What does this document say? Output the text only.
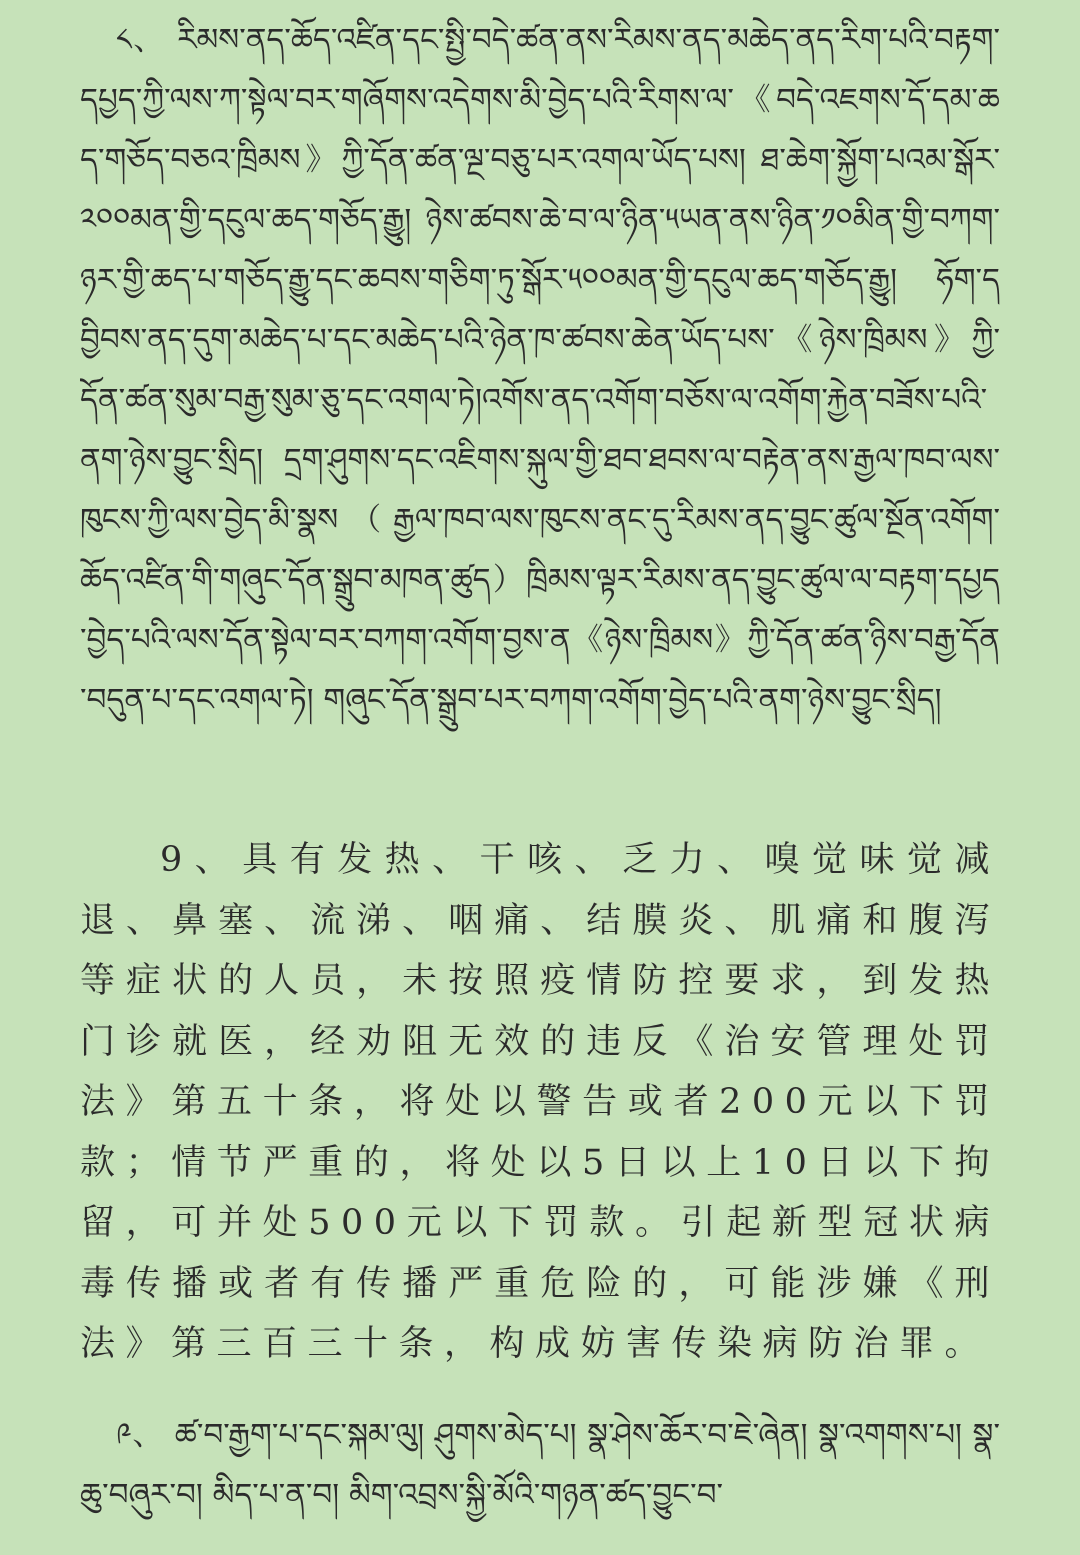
༨、 རིམས་ནད་ཆོད་འཛིན་དང་སྤྱི་བདེ་ཚན་ནས་རིམས་ནད་མཆེད་ནད་རིག་པའི་བརྟག་དཔྱད་ཀྱི་ལས་ཀ་སྟེལ་བར་གཞོགས་འདེགས་མི་བྱེད་པའི་རིགས་ལ་《བདེ་འཇགས་དོ་དམ་ཆད་གཅོད་བཅའ་ཁྲིམས》ཀྱི་དོན་ཚན་ལྔ་བཅུ་པར་འགལ་ཡོད་པས། ཐ་ཆེག་སྐྱོག་པའམ་སྒོར་༢༠༠མན་གྱི་དངུལ་ཆད་གཅོད་རྒྱུ། ཉེས་ཚབས་ཆེ་བ་ལ་ཉིན་༥ཡན་ནས་ཉིན་༡༠མིན་གྱི་བཀག་ཉར་གྱི་ཆད་པ་གཅོད་རྒྱུ་དང་ཆབས་གཅིག་ཏུ་སྒོར་༥༠༠མན་གྱི་དངུལ་ཆད་གཅོད་རྒྱུ། ཧོག་དབྱིབས་ནད་དུག་མཆེད་པ་དང་མཆེད་པའི་ཉེན་ཁ་ཚབས་ཆེན་ཡོད་པས་《ཉེས་ཁྲིམས》ཀྱི་དོན་ཚན་སུམ་བརྒྱ་སུམ་ཅུ་དང་འགལ་ཏེ།འགོས་ནད་འགོག་བཅོས་ལ་འགོག་རྐྱེན་བཟོས་པའི་ནག་ཉེས་བྱུང་སྲིད། དྲག་ཤུགས་དང་འཇིགས་སྐུལ་གྱི་ཐབ་ཐབས་ལ་བརྟེན་ནས་རྒྱལ་ཁབ་ལས་ཁུངས་ཀྱི་ལས་བྱེད་མི་སྣས（རྒྱལ་ཁབ་ལས་ཁུངས་ནང་དུ་རིམས་ནད་བྱུང་ཚུལ་སྔོན་འགོག་ཆོད་འཛིན་གི་གཞུང་དོན་སྒྲུབ་མཁན་ཚུད）ཁྲིམས་ལྟར་རིམས་ནད་བྱུང་ཚུལ་ལ་བརྟག་དཔྱད་བྱེད་པའི་ལས་དོན་སྟེལ་བར་བཀག་འགོག་བྱས་ན《ཉེས་ཁྲིམས》ཀྱི་དོན་ཚན་ཉིས་བརྒྱ་དོན་བདུན་པ་དང་འགལ་ཏེ། གཞུང་དོན་སྒྲུབ་པར་བཀག་འགོག་བྱེད་པའི་ནག་ཉེས་བྱུང་སྲིད།

9、具有发热、干咳、乏力、嗅觉味觉减退、鼻塞、流涕、咽痛、结膜炎、肌痛和腹泻等症状的人员，未按照疫情防控要求，到发热门诊就医，经劝阻无效的违反《治安管理处罚法》第五十条，将处以警告或者200元以下罚款；情节严重的，将处以5日以上10日以下拘留，可并处500元以下罚款。引起新型冠状病毒传播或者有传播严重危险的，可能涉嫌《刑法》第三百三十条，构成妨害传染病防治罪。

༩、 ཚ་བ་རྒྱག་པ་དང་སྐམ་ལུ། ཤུགས་མེད་པ། སྣ་ཤེས་ཆོར་བ་ཇེ་ཞེན། སྣ་འགགས་པ། སྣ་ཆུ་བཞུར་བ། མིད་པ་ན་བ། མིག་འབྲས་སྐྱི་མོའི་གཉན་ཚད་བྱུང་བ་
